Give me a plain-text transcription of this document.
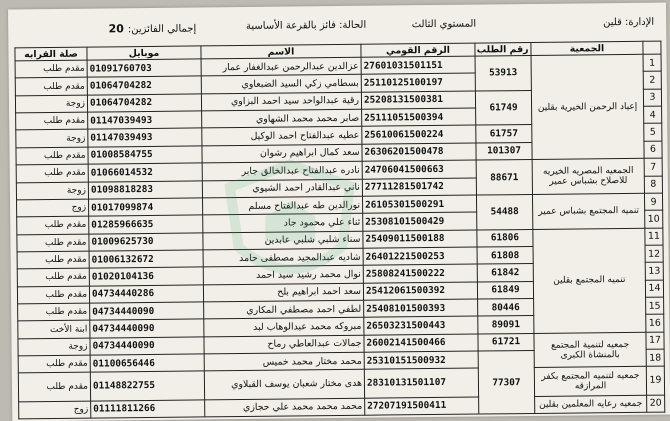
الإدارة: قلين
المستوي الثالث
الحالة: فائز بالقرعة الأساسية
إجمالي الفائزين:20
	الجمعية	رقم الطلب	الرقم القومي	الاسم	موبايل	صلة القرابه
1	إعياد الرحمن الخيرية بقلين	53913	27601031501151	عزالدين عبدالرحمن عبدالغفار عمار	01091760703	مقدم طلب
2			25110125100197	بسطامي زكي السيد الضبعاوي	01064704282	مقدم طلب
3		61749	25208131500381	رقية عبدالواحد سيد احمد البزاوي	01064704282	زوجة
4			25111051500394	صابر محمد محمد الشهاوي	01147039493	مقدم طلب
5		61757	25610061500224	عطيه عبدالفتاح احمد الوكيل	01147039493	زوجة
6		101307	26306201500478	سعد كمال ابراهيم رشوان	01008584755	مقدم طلب
7	الجمعيه المصريه الخيريه للاصلاح بشباس عمير	88671	24706041500663	نادره عبدالفتاح عبدالخالق جابر	01066014532	مقدم طلب
8			27711281501742	ناني عبدالقادر احمد الشيوي	01098818283	زوجة
9	تنميه المجتمع بشباس عمير	54488	26105301500291	نورالدين طه عبدالفتاح مسلم	01017099874	زوج
10			25308101500429	ثناء علي محمود جاد	01285966635	مقدم طلب
11	تنميه المجتمع بقلين	61806	25409011500188	سناء شلبي شلبي عابدين	01009625730	مقدم طلب
12		61808	26401221500253	شاديه عبدالمجيد مصطفى حامد	01006132672	مقدم طلب
13		61842	25808241500222	نوال محمد رشيد سيد احمد	01020104136	مقدم طلب
14		61849	25412061500392	سعد احمد ابراهيم بلح	04734440286	مقدم طلب
15		80446	25408101500393	لطفي احمد مصطفي المكاري	04734440090	مقدم طلب
16		89091	26503231500443	مبروكه محمد عبدالوهاب لبد	04734440090	ابنة الأخت
17	جمعيه لتنمية المجتمع بالمنشاة الكبرى	61721	26002141500466	جمالات عبدالعاطي رماح	04734440090	زوجة
18		77307	25310151500932	محمد مختار محمد خميس	01100656446	مقدم طلب
19	جمعيه لتنميه المجتمع بكفر المرازقه		28310131501107	هدى مختار شعبان يوسف القبلاوي	01148822755	مقدم طلب
20	جمعيه رعايه المعلمين بقلين		27207191500411	محمد محمد محمد علي حجازي	01111811266	زوج
